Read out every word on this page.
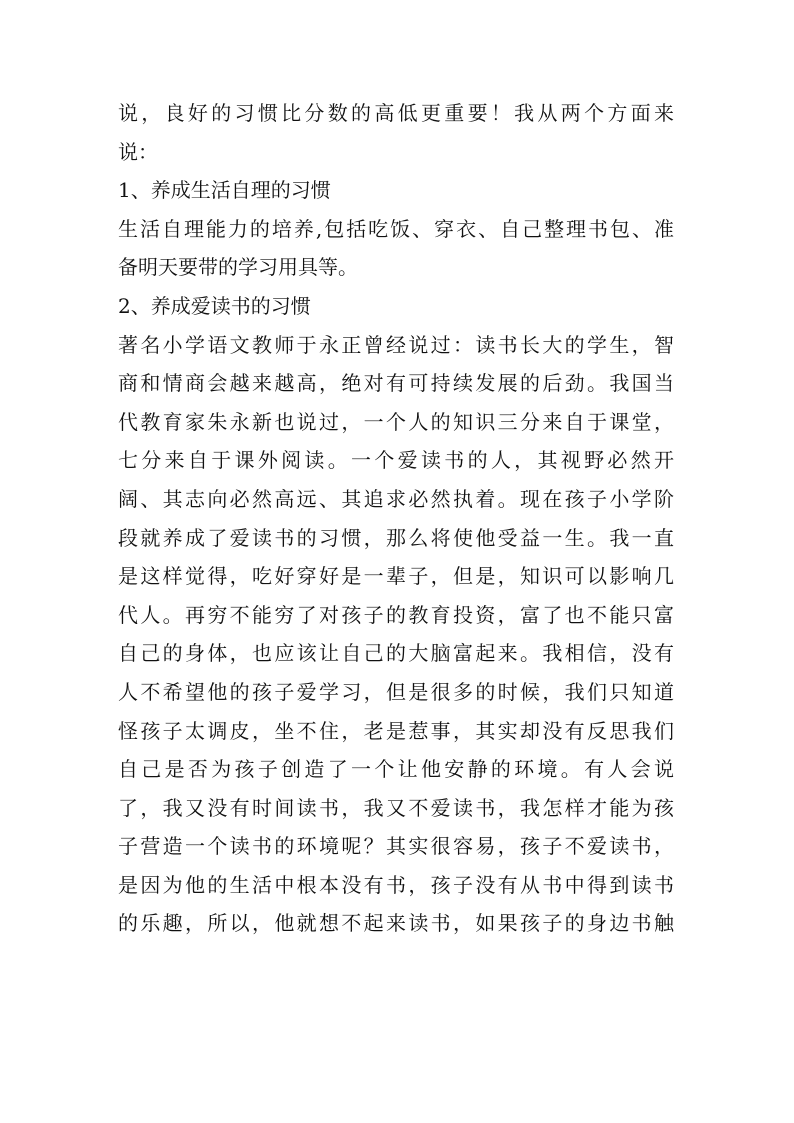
说，良好的习惯比分数的高低更重要！我从两个方面来
说：
1、养成生活自理的习惯
生活自理能力的培养,包括吃饭、穿衣、自己整理书包、准
备明天要带的学习用具等。
2、养成爱读书的习惯
著名小学语文教师于永正曾经说过：读书长大的学生，智
商和情商会越来越高，绝对有可持续发展的后劲。我国当
代教育家朱永新也说过，一个人的知识三分来自于课堂，
七分来自于课外阅读。一个爱读书的人，其视野必然开
阔、其志向必然高远、其追求必然执着。现在孩子小学阶
段就养成了爱读书的习惯，那么将使他受益一生。我一直
是这样觉得，吃好穿好是一辈子，但是，知识可以影响几
代人。再穷不能穷了对孩子的教育投资，富了也不能只富
自己的身体，也应该让自己的大脑富起来。我相信，没有
人不希望他的孩子爱学习，但是很多的时候，我们只知道
怪孩子太调皮，坐不住，老是惹事，其实却没有反思我们
自己是否为孩子创造了一个让他安静的环境。有人会说
了，我又没有时间读书，我又不爱读书，我怎样才能为孩
子营造一个读书的环境呢？其实很容易，孩子不爱读书，
是因为他的生活中根本没有书，孩子没有从书中得到读书
的乐趣，所以，他就想不起来读书，如果孩子的身边书触
